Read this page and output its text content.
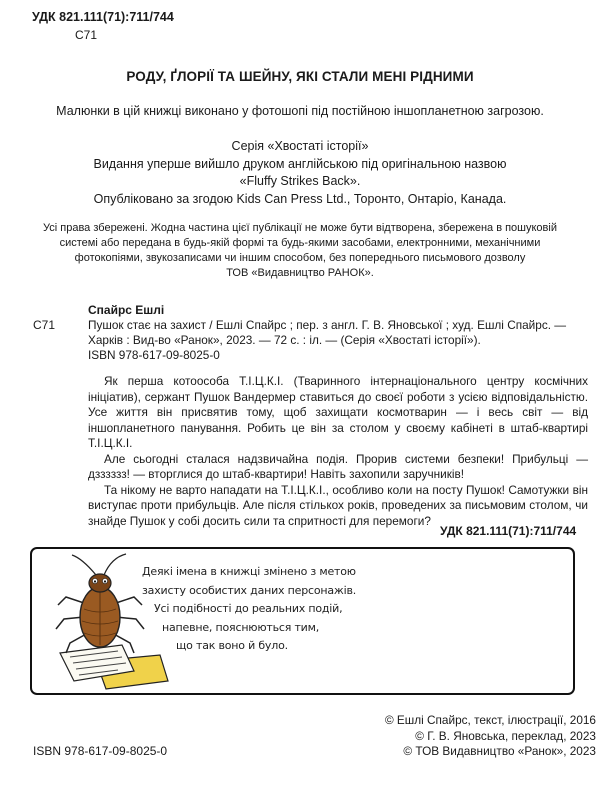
УДК 821.111(71):711/744
С71
РОДУ, ҐЛОРІЇ ТА ШЕЙНУ, ЯКІ СТАЛИ МЕНІ РІДНИМИ
Малюнки в цій книжці виконано у фотошопі під постійною іншопланетною загрозою.
Серія «Хвостаті історії»
Видання уперше вийшло друком англійською під оригінальною назвою
«Fluffy Strikes Back».
Опубліковано за згодою Kids Can Press Ltd., Торонто, Онтаріо, Канада.
Усі права збережені. Жодна частина цієї публікації не може бути відтворена, збережена в пошуковій
системі або передана в будь-якій формі та будь-якими засобами, електронними, механічними
фотокопіями, звукозаписами чи іншим способом, без попереднього письмового дозволу
ТОВ «Видавництво РАНОК».
Спайрс Ешлі
С71	Пушок стає на захист / Ешлі Спайрс ; пер. з англ. Г. В. Яновської ; худ. Ешлі Спайрс. —
Харків : Вид-во «Ранок», 2023. — 72 с. : іл. — (Серія «Хвостаті історії»).
ISBN 978-617-09-8025-0

Як перша котоособа Т.І.Ц.К.І. (Тваринного інтернаціонального центру космічних ініціатив), сержант Пушок Вандермер ставиться до своєї роботи з усією відповідальністю. Усе життя він присвятив тому, щоб захищати космотварин — і весь світ — від іншопланетного панування. Робить це він за столом у своєму кабінеті в штаб-квартирі Т.І.Ц.К.І.

Але сьогодні сталася надзвичайна подія. Прорив системи безпеки! Прибульці — дзззззз! — вторглися до штаб-квартири! Навіть захопили заручників!

Та нікому не варто нападати на Т.І.Ц.К.І., особливо коли на посту Пушок! Самотужки він виступає проти прибульців. Але після стількох років, проведених за письмовим столом, чи знайде Пушок у собі досить сили та спритності для перемоги?

УДК 821.111(71):711/744
Деякі імена в книжці змінено з метою
захисту особистих даних персонажів.
Усі подібності до реальних подій,
напевне, пояснюються тим,
що так воно й було.
© Ешлі Спайрс, текст, ілюстрації, 2016
© Г. В. Яновська, переклад, 2023
© ТОВ Видавництво «Ранок», 2023
ISBN 978-617-09-8025-0
